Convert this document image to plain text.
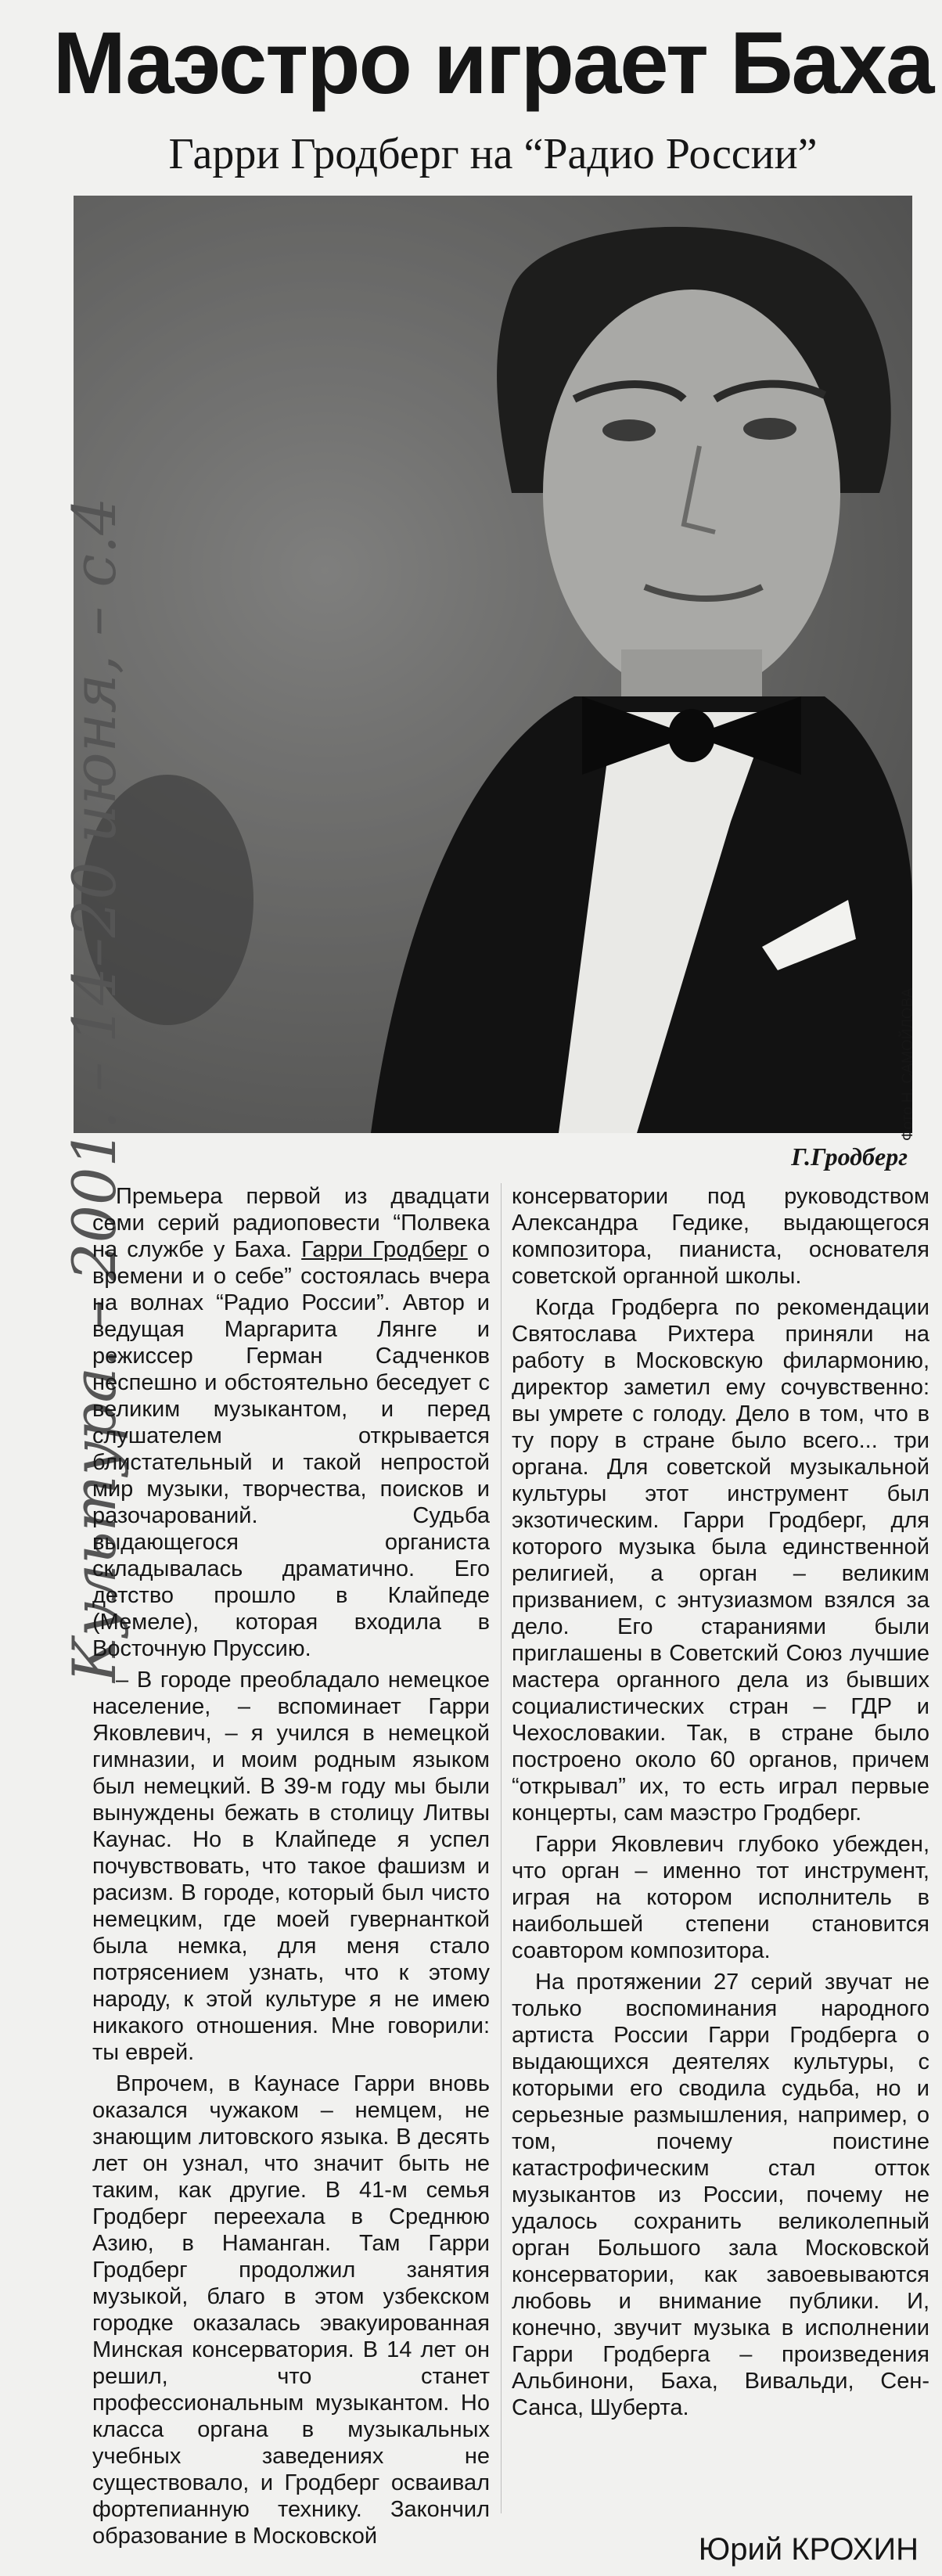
Маэстро играет Баха
Гарри Гродберг на “Радио России”
Фото Н. САМОЙЛОВА
Г.Гродберг
Культура. – 2001. – 14–20 июня, – с.4

Премьера первой из двадцати семи серий радиоповести “Полвека на службе у Баха. Гарри Гродберг о времени и о себе” состоялась вчера на волнах “Радио России”. Автор и ведущая Маргарита Лянге и режиссер Герман Садченков неспешно и обстоятельно беседует с великим музыкантом, и перед слушателем открывается блистательный и такой непростой мир музыки, творчества, поисков и разочарований. Судьба выдающегося органиста складывалась драматично. Его детство прошло в Клайпеде (Мемеле), которая входила в Восточную Пруссию.

– В городе преобладало немецкое население, – вспоминает Гарри Яковлевич, – я учился в немецкой гимназии, и моим родным языком был немецкий. В 39-м году мы были вынуждены бежать в столицу Литвы Каунас. Но в Клайпеде я успел почувствовать, что такое фашизм и расизм. В городе, который был чисто немецким, где моей гувернанткой была немка, для меня стало потрясением узнать, что к этому народу, к этой культуре я не имею никакого отношения. Мне говорили: ты еврей.

Впрочем, в Каунасе Гарри вновь оказался чужаком – немцем, не знающим литовского языка. В десять лет он узнал, что значит быть не таким, как другие. В 41-м семья Гродберг переехала в Среднюю Азию, в Наманган. Там Гарри Гродберг продолжил занятия музыкой, благо в этом узбекском городке оказалась эвакуированная Минская консерватория. В 14 лет он решил, что станет профессиональным музыкантом. Но класса органа в музыкальных учебных заведениях не существовало, и Гродберг осваивал фортепианную технику. Закончил образование в Московской

консерватории под руководством Александра Гедике, выдающегося композитора, пианиста, основателя советской органной школы.

Когда Гродберга по рекомендации Святослава Рихтера приняли на работу в Московскую филармонию, директор заметил ему сочувственно: вы умрете с голоду. Дело в том, что в ту пору в стране было всего... три органа. Для советской музыкальной культуры этот инструмент был экзотическим. Гарри Гродберг, для которого музыка была единственной религией, а орган – великим призванием, с энтузиазмом взялся за дело. Его стараниями были приглашены в Советский Союз лучшие мастера органного дела из бывших социалистических стран – ГДР и Чехословакии. Так, в стране было построено около 60 органов, причем “открывал” их, то есть играл первые концерты, сам маэстро Гродберг.

Гарри Яковлевич глубоко убежден, что орган – именно тот инструмент, играя на котором исполнитель в наибольшей степени становится соавтором композитора.

На протяжении 27 серий звучат не только воспоминания народного артиста России Гарри Гродберга о выдающихся деятелях культуры, с которыми его сводила судьба, но и серьезные размышления, например, о том, почему поистине катастрофическим стал отток музыкантов из России, почему не удалось сохранить великолепный орган Большого зала Московской консерватории, как завоевываются любовь и внимание публики. И, конечно, звучит музыка в исполнении Гарри Гродберга – произведения Альбинони, Баха, Вивальди, Сен-Санса, Шуберта.

Юрий КРОХИН
